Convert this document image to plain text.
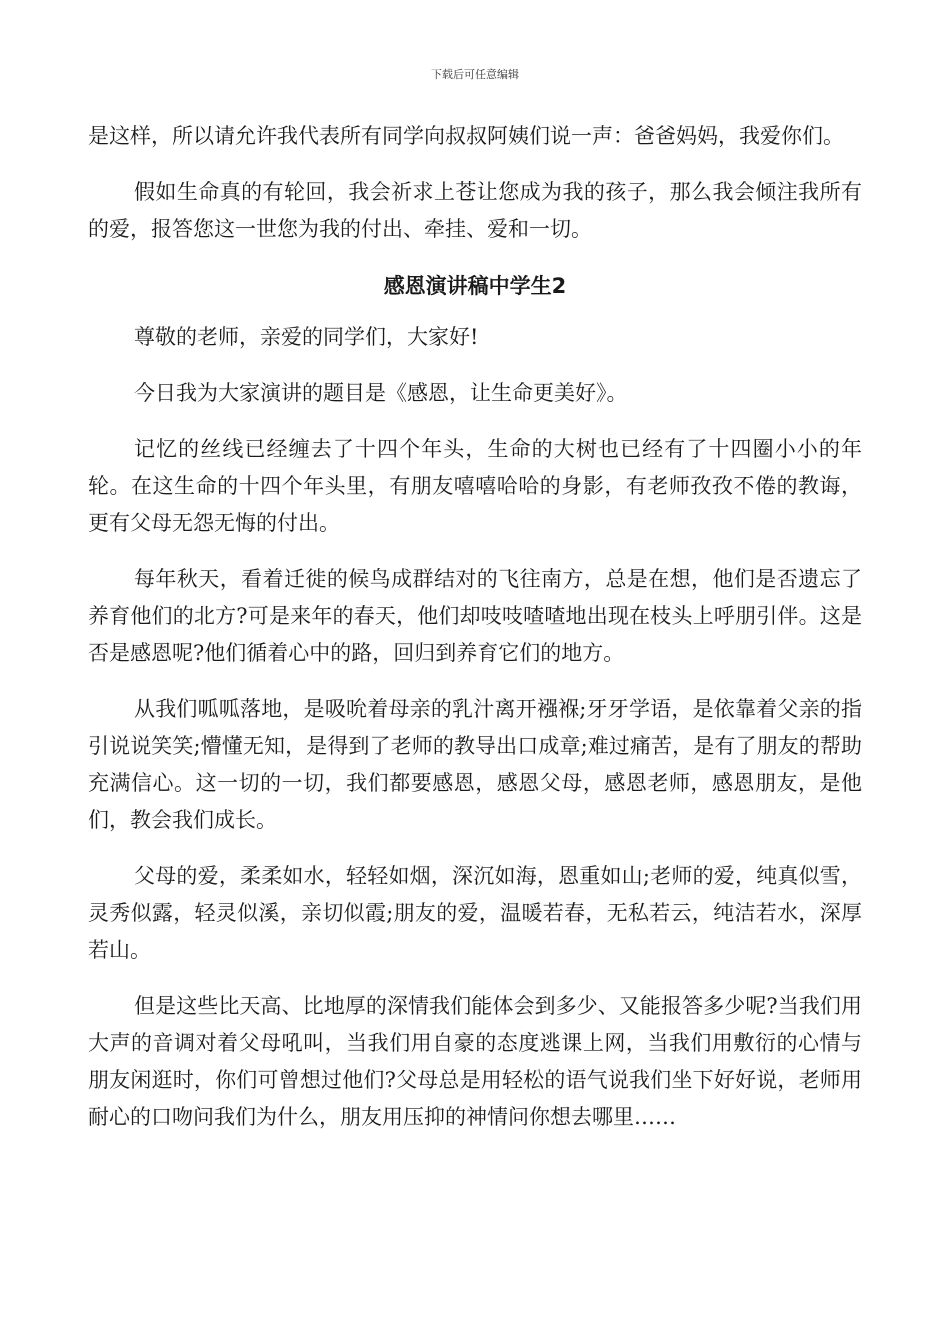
下载后可任意编辑

是这样，所以请允许我代表所有同学向叔叔阿姨们说一声：爸爸妈妈，我爱你们。

假如生命真的有轮回，我会祈求上苍让您成为我的孩子，那么我会倾注我所有的爱，报答您这一世您为我的付出、牵挂、爱和一切。

感恩演讲稿中学生2

尊敬的老师，亲爱的同学们，大家好!

今日我为大家演讲的题目是《感恩，让生命更美好》。

记忆的丝线已经缠去了十四个年头，生命的大树也已经有了十四圈小小的年轮。在这生命的十四个年头里，有朋友嘻嘻哈哈的身影，有老师孜孜不倦的教诲，更有父母无怨无悔的付出。

每年秋天，看着迁徙的候鸟成群结对的飞往南方，总是在想，他们是否遗忘了养育他们的北方?可是来年的春天，他们却吱吱喳喳地出现在枝头上呼朋引伴。这是否是感恩呢?他们循着心中的路，回归到养育它们的地方。

从我们呱呱落地，是吸吮着母亲的乳汁离开襁褓;牙牙学语，是依靠着父亲的指引说说笑笑;懵懂无知，是得到了老师的教导出口成章;难过痛苦，是有了朋友的帮助充满信心。这一切的一切，我们都要感恩，感恩父母，感恩老师，感恩朋友，是他们，教会我们成长。

父母的爱，柔柔如水，轻轻如烟，深沉如海，恩重如山;老师的爱，纯真似雪，灵秀似露，轻灵似溪，亲切似霞;朋友的爱，温暖若春，无私若云，纯洁若水，深厚若山。

但是这些比天高、比地厚的深情我们能体会到多少、又能报答多少呢?当我们用大声的音调对着父母吼叫，当我们用自豪的态度逃课上网，当我们用敷衍的心情与朋友闲逛时，你们可曾想过他们?父母总是用轻松的语气说我们坐下好好说，老师用耐心的口吻问我们为什么，朋友用压抑的神情问你想去哪里……
